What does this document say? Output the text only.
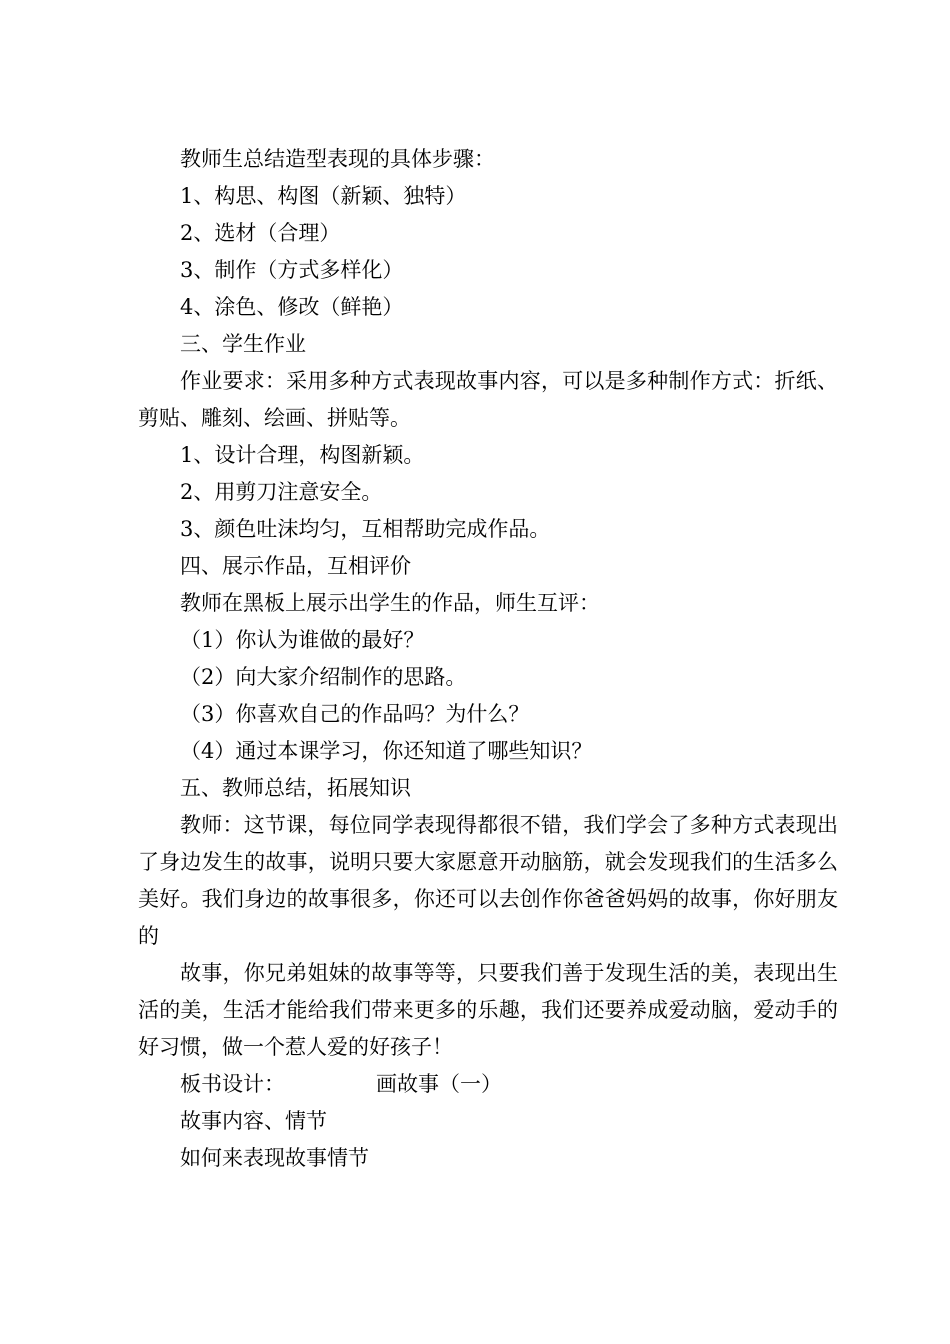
教师生总结造型表现的具体步骤：

1、构思、构图（新颖、独特）

2、选材（合理）

3、制作（方式多样化）

4、涂色、修改（鲜艳）

三、学生作业

作业要求：采用多种方式表现故事内容，可以是多种制作方式：折纸、剪贴、雕刻、绘画、拼贴等。

1、设计合理，构图新颖。

2、用剪刀注意安全。

3、颜色吐沫均匀，互相帮助完成作品。

四、展示作品，互相评价

教师在黑板上展示出学生的作品，师生互评：

（1）你认为谁做的最好？

（2）向大家介绍制作的思路。

（3）你喜欢自己的作品吗？为什么？

（4）通过本课学习，你还知道了哪些知识？

五、教师总结，拓展知识

教师：这节课，每位同学表现得都很不错，我们学会了多种方式表现出了身边发生的故事，说明只要大家愿意开动脑筋，就会发现我们的生活多么美好。我们身边的故事很多，你还可以去创作你爸爸妈妈的故事，你好朋友的

故事，你兄弟姐妹的故事等等，只要我们善于发现生活的美，表现出生活的美，生活才能给我们带来更多的乐趣，我们还要养成爱动脑，爱动手的好习惯，做一个惹人爱的好孩子！

板书设计：	画故事（一）

故事内容、情节

如何来表现故事情节
